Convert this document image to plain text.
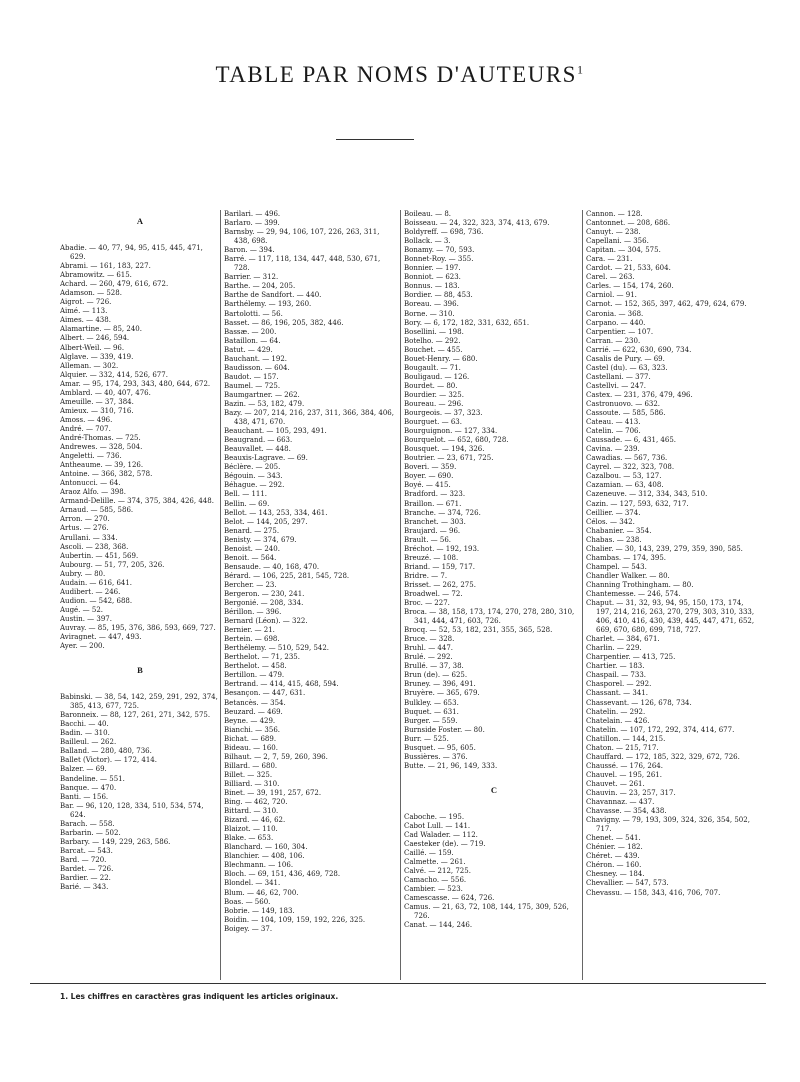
TABLE PAR NOMS D'AUTEURS$^1$
A

Abadie. — 40, 77, 94, 95, 415, 445, 471, 629.

Abrami. — 161, 183, 227.

Abramowitz. — 615.

Achard. — 260, 479, 616, 672.

Adamson. — 528.

Aigrot. — 726.

Aimé. — 113.

Aimes. — 438.

Alamartine. — 85, 240.

Albert. — 246, 594.

Albert-Weil. — 96.

Alglave. — 339, 419.

Alleman. — 302.

Alquier. — 332, 414, 526, 677.

Amar. — 95, 174, 293, 343, 480, 644, 672.

Amblard. — 40, 407, 476.

Ameuille. — 37, 384.

Amieux. — 310, 716.

Amoss. — 496.

André. — 707.

André-Thomas. — 725.

Andrewes. — 328, 504.

Angeletti. — 736.

Antheaume. — 39, 126.

Antoine. — 366, 382, 578.

Antonucci. — 64.

Araoz Alfo. — 398.

Armand-Delille. — 374, 375, 384, 426, 448.

Arnaud. — 585, 586.

Arron. — 270.

Artus. — 276.

Arullani. — 334.

Ascoli. — 238, 368.

Aubertin. — 451, 569.

Aubourg. — 51, 77, 205, 326.

Aubry. — 80.

Audain. — 616, 641.

Audibert. — 246.

Audion. — 542, 688.

Augé. — 52.

Austin. — 397.

Auvray. — 85, 195, 376, 386, 593, 669, 727.

Aviragnet. — 447, 493.

Ayer. — 200.

B

Babinski. — 38, 54, 142, 259, 291, 292, 374, 385, 413, 677, 725.

Baronneix. — 88, 127, 261, 271, 342, 575.

Bacchi. — 40.

Badin. — 310.

Bailleul. — 262.

Balland. — 280, 480, 736.

Ballet (Victor). — 172, 414.

Balzer. — 69.

Bandeline. — 551.

Banque. — 470.

Banti. — 156.

Bar. — 96, 120, 128, 334, 510, 534, 574, 624.

Barach. — 558.

Barbarin. — 502.

Barbary. — 149, 229, 263, 586.

Barcat. — 543.

Bard. — 720.

Bardet. — 726.

Bardier. — 22.

Barié. — 343.

Barilari. — 496.

Barlaro. — 399.

Barnsby. — 29, 94, 106, 107, 226, 263, 311, 438, 698.

Baron. — 394.

Barré. — 117, 118, 134, 447, 448, 530, 671, 728.

Barrier. — 312.

Barthe. — 204, 205.

Barthe de Sandfort. — 440.

Barthélemy. — 193, 260.

Bartolotti. — 56.

Basset. — 86, 196, 205, 382, 446.

Bassæ. — 200.

Bataillon. — 64.

Batut. — 429.

Bauchant. — 192.

Baudisson. — 604.

Baudot. — 157.

Baumel. — 725.

Baumgartner. — 262.

Bazin. — 53, 182, 479.

Bazy. — 207, 214, 216, 237, 311, 366, 384, 406, 438, 471, 670.

Beauchant. — 105, 293, 491.

Beaugrand. — 663.

Beauvallet. — 448.

Beauxis-Lagrave. — 69.

Béclère. — 205.

Bégouin. — 343.

Béhague. — 292.

Bell. — 111.

Bellin. — 69.

Bellot. — 143, 253, 334, 461.

Belot. — 144, 205, 297.

Benard. — 275.

Benisty. — 374, 679.

Benoist. — 240.

Benoit. — 564.

Bensaude. — 40, 168, 470.

Bérard. — 106, 225, 281, 545, 728.

Bercher. — 23.

Bergeron. — 230, 241.

Bergonié. — 208, 334.

Bérillon. — 396.

Bernard (Léon). — 322.

Bernier. — 21.

Bertein. — 698.

Berthélemy. — 510, 529, 542.

Berthelot. — 71, 235.

Berthelot. — 458.

Bertillon. — 479.

Bertrand. — 414, 415, 468, 594.

Besançon. — 447, 631.

Betancès. — 354.

Beuzard. — 469.

Beyne. — 429.

Bianchi. — 356.

Bichat. — 689.

Bideau. — 160.

Bilhaut. — 2, 7, 59, 260, 396.

Billard. — 680.

Billet. — 325.

Billiard. — 310.

Binet. — 39, 191, 257, 672.

Bing. — 462, 720.

Bittard. — 310.

Bizard. — 46, 62.

Blaizot. — 110.

Blake. — 653.

Blanchard. — 160, 304.

Blanchier. — 408, 106.

Blechmann. — 106.

Bloch. — 69, 151, 436, 469, 728.

Blondel. — 341.

Blum. — 46, 62, 700.

Boas. — 560.

Bobrie. — 149, 183.

Boidin. — 104, 109, 159, 192, 226, 325.

Boigey. — 37.

Boileau. — 8.

Boisseau. — 24, 322, 323, 374, 413, 679.

Boldyreff. — 698, 736.

Bollack. — 3.

Bonamy. — 70, 593.

Bonnet-Roy. — 355.

Bonnier. — 197.

Bonniot. — 623.

Bonnus. — 183.

Bordier. — 88, 453.

Boreau. — 396.

Borne. — 310.

Bory. — 6, 172, 182, 331, 632, 651.

Bosellini. — 198.

Botelho. — 292.

Bouchet. — 455.

Bouet-Henry. — 680.

Bougault. — 71.

Bouligaud. — 126.

Bourdet. — 80.

Bourdier. — 325.

Boureau. — 296.

Bourgeois. — 37, 323.

Bourguet. — 63.

Bourguignon. — 127, 334.

Bourquelot. — 652, 680, 728.

Bousquet. — 194, 326.

Boutrier. — 23, 671, 725.

Boveri. — 359.

Boyer. — 690.

Boyé. — 415.

Bradford. — 323.

Braillon. — 671.

Branche. — 374, 726.

Branchet. — 303.

Braujard. — 96.

Brault. — 56.

Bréchot. — 192, 193.

Breuzé. — 108.

Briand. — 159, 717.

Bridre. — 7.

Brisset. — 262, 275.

Broadwel. — 72.

Broc. — 227.

Broca. — 38, 158, 173, 174, 270, 278, 280, 310, 341, 444, 471, 603, 726.

Brocq. — 52, 53, 182, 231, 355, 365, 528.

Bruce. — 328.

Bruhl. — 447.

Brulé. — 292.

Brullé. — 37, 38.

Brun (de). — 625.

Bruney. — 396, 491.

Bruyère. — 365, 679.

Bulkley. — 653.

Buquet. — 631.

Burger. — 559.

Burnside Foster. — 80.

Burr. — 525.

Busquet. — 95, 605.

Bussières. — 376.

Butte. — 21, 96, 149, 333.

C

Caboche. — 195.

Cabot Lull. — 141.

Cad Walader. — 112.

Caesteker (de). — 719.

Caillé. — 159.

Calmette. — 261.

Calvé. — 212, 725.

Camacho. — 556.

Cambier. — 523.

Camescasse. — 624, 726.

Camus. — 21, 63, 72, 108, 144, 175, 309, 526, 726.

Canat. — 144, 246.

Cannon. — 128.

Cantonnet. — 208, 686.

Canuyt. — 238.

Capellani. — 356.

Capitan. — 304, 575.

Cara. — 231.

Cardot. — 21, 533, 604.

Carel. — 263.

Carles. — 154, 174, 260.

Carniol. — 91.

Carnot. — 152, 365, 397, 462, 479, 624, 679.

Caronia. — 368.

Carpano. — 440.

Carpentier. — 107.

Carran. — 230.

Carrié. — 622, 630, 690, 734.

Casalis de Pury. — 69.

Castel (du). — 63, 323.

Castellani. — 377.

Castellvi. — 247.

Castex. — 231, 376, 479, 496.

Castronuovo. — 632.

Cassoute. — 585, 586.

Cateau. — 413.

Catelin. — 706.

Caussade. — 6, 431, 465.

Cavina. — 239.

Cawadias. — 567, 736.

Cayrel. — 322, 323, 708.

Cazalbou. — 53, 127.

Cazamian. — 63, 408.

Cazeneuve. — 312, 334, 343, 510.

Cazin. — 127, 593, 632, 717.

Ceillier. — 374.

Célos. — 342.

Chabanier. — 354.

Chabas. — 238.

Chalier. — 30, 143, 239, 279, 359, 390, 585.

Chambas. — 174, 395.

Champel. — 543.

Chandler Walker. — 80.

Channing Trothingham. — 80.

Chantemesse. — 246, 574.

Chaput. — 31, 32, 93, 94, 95, 150, 173, 174, 197, 214, 216, 263, 270, 279, 303, 310, 333, 406, 410, 416, 430, 439, 445, 447, 471, 652, 669, 670, 680, 699, 718, 727.

Charlet. — 384, 671.

Charlin. — 229.

Charpentier. — 413, 725.

Chartier. — 183.

Chaspail. — 733.

Chasporel. — 292.

Chassant. — 341.

Chassevant. — 126, 678, 734.

Chatelin. — 292.

Chatelain. — 426.

Chatelin. — 107, 172, 292, 374, 414, 677.

Chatillon. — 144, 215.

Chaton. — 215, 717.

Chauffard. — 172, 185, 322, 329, 672, 726.

Chaussé. — 176, 264.

Chauvel. — 195, 261.

Chauvet. — 261.

Chauvin. — 23, 257, 317.

Chavannaz. — 437.

Chavasse. — 354, 438.

Chavigny. — 79, 193, 309, 324, 326, 354, 502, 717.

Chenet. — 541.

Chénier. — 182.

Chéret. — 439.

Chéron. — 160.

Chesney. — 184.

Chevallier. — 547, 573.

Chevassu. — 158, 343, 416, 706, 707.

1. Les chiffres en caractères gras indiquent les articles originaux.
